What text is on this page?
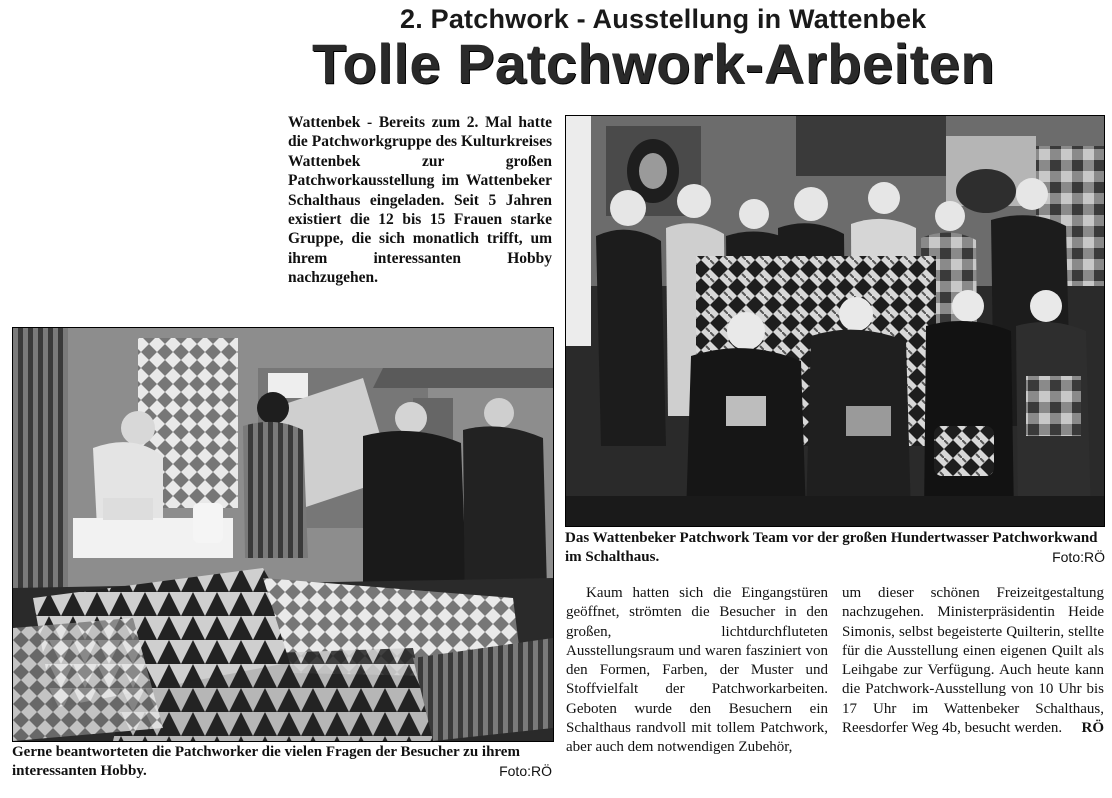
2. Patchwork - Ausstellung in Wattenbek
Tolle Patchwork-Arbeiten
Wattenbek - Bereits zum 2. Mal hatte die Patchworkgruppe des Kulturkreises Wattenbek zur großen Patchworkausstellung im Wattenbeker Schalthaus eingeladen. Seit 5 Jahren existiert die 12 bis 15 Frauen starke Gruppe, die sich monatlich trifft, um ihrem interessanten Hobby nachzugehen.
Das Wattenbeker Patchwork Team vor der großen Hundertwasser Patchworkwand im Schalthaus.	Foto:RÖ
Gerne beantworteten die Patchworker die vielen Fragen der Besucher zu ihrem interessanten Hobby.	Foto:RÖ
Kaum hatten sich die Eingangstüren geöffnet, strömten die Besucher in den großen, lichtdurchfluteten Ausstellungsraum und waren fasziniert von den Formen, Farben, der Muster und Stoffvielfalt der Patchworkarbeiten. Geboten wurde den Besuchern ein Schalthaus randvoll mit tollem Patchwork, aber auch dem notwendigen Zubehör,
um dieser schönen Freizeitgestaltung nachzugehen. Ministerpräsidentin Heide Simonis, selbst begeisterte Quilterin, stellte für die Ausstellung einen eigenen Quilt als Leihgabe zur Verfügung. Auch heute kann die Patchwork-Ausstellung von 10 Uhr bis 17 Uhr im Wattenbeker Schalthaus, Reesdorfer Weg 4b, besucht werden. RÖ
